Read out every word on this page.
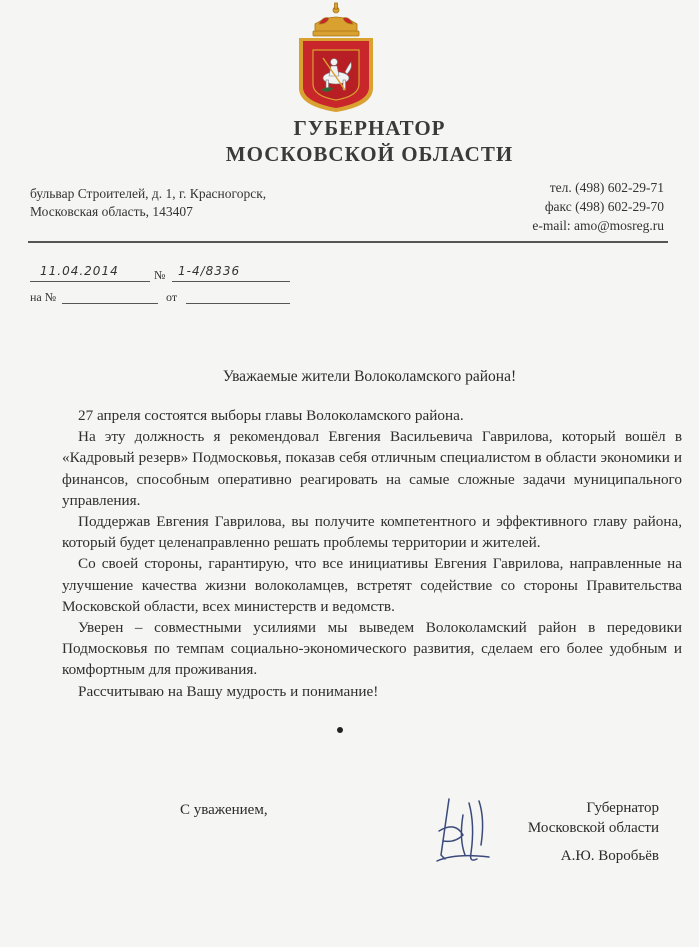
ГУБЕРНАТОР
МОСКОВСКОЙ ОБЛАСТИ
бульвар Строителей, д. 1, г. Красногорск,
Московская область, 143407
тел. (498) 602-29-71
факс (498) 602-29-70
e-mail: amo@mosreg.ru
11.04.2014	№ 1-4/8336
на №	от
Уважаемые жители Волоколамского района!

27 апреля состоятся выборы главы Волоколамского района.

На эту должность я рекомендовал Евгения Васильевича Гаврилова, который вошёл в «Кадровый резерв» Подмосковья, показав себя отличным специалистом в области экономики и финансов, способным оперативно реагировать на самые сложные задачи муниципального управления.

Поддержав Евгения Гаврилова, вы получите компетентного и эффективного главу района, который будет целенаправленно решать проблемы территории и жителей.

Со своей стороны, гарантирую, что все инициативы Евгения Гаврилова, направленные на улучшение качества жизни волоколамцев, встретят содействие со стороны Правительства Московской области, всех министерств и ведомств.

Уверен – совместными усилиями мы выведем Волоколамский район в передовики Подмосковья по темпам социально-экономического развития, сделаем его более удобным и комфортным для проживания.

Рассчитываю на Вашу мудрость и понимание!

С уважением,	Губернатор
Московской области
А.Ю. Воробьёв
